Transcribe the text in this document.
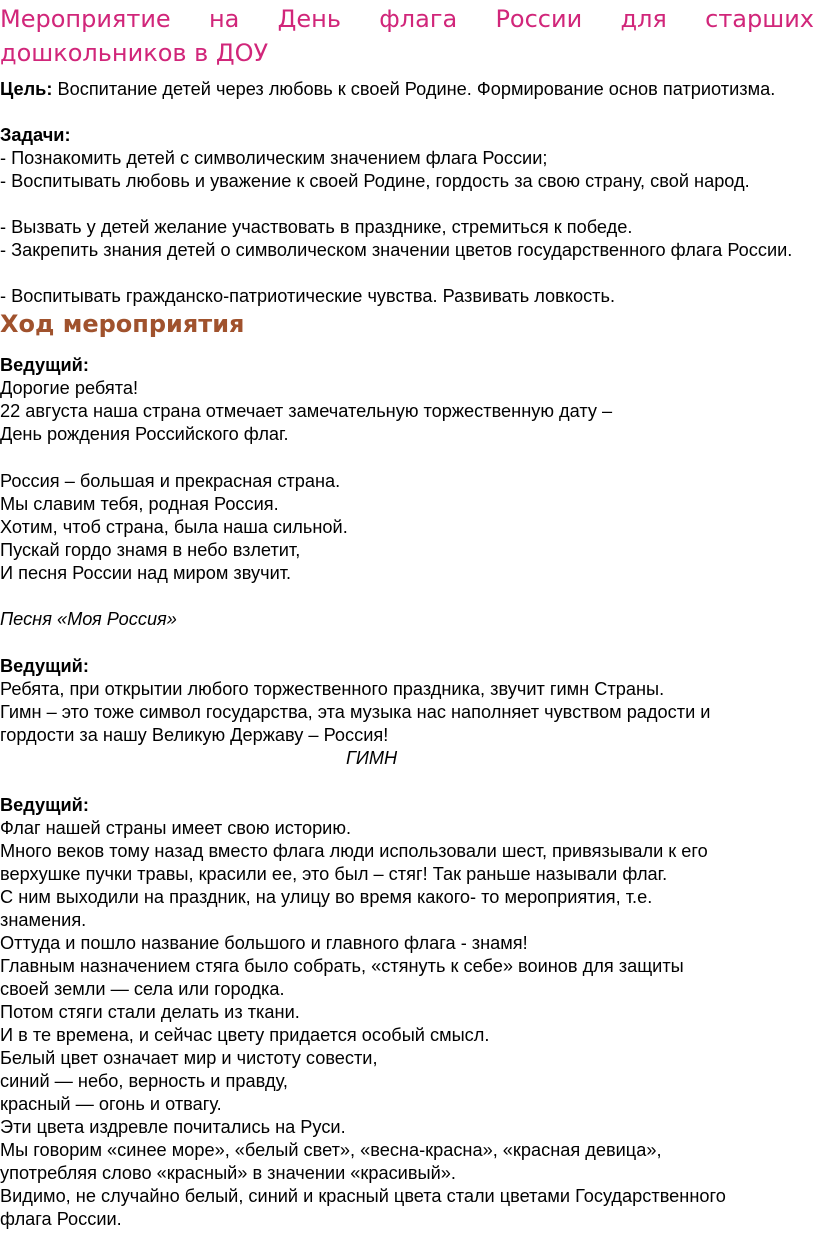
Мероприятие на День флага России для старших дошкольников в ДОУ

Цель: Воспитание детей через любовь к своей Родине. Формирование основ патриотизма.

Задачи:

- Познакомить детей с символическим значением флага России;

- Воспитывать любовь и уважение к своей Родине, гордость за свою страну, свой народ.

- Вызвать у детей желание участвовать в празднике, стремиться к победе.

- Закрепить знания детей о символическом значении цветов государственного флага России.

- Воспитывать гражданско-патриотические чувства. Развивать ловкость.

Ход мероприятия

Ведущий:

Дорогие ребята!

22 августа наша страна отмечает замечательную торжественную дату –

День рождения Российского флаг.

Россия – большая и прекрасная страна.

Мы славим тебя, родная Россия.

Хотим, чтоб страна, была наша сильной.

Пускай гордо знамя в небо взлетит,

И песня России над миром звучит.

Песня «Моя Россия»

Ведущий:

Ребята, при открытии любого торжественного праздника, звучит гимн Страны.

Гимн – это тоже символ государства, эта музыка нас наполняет чувством радости и

гордости за нашу Великую Державу – Россия!

ГИМН

Ведущий:

Флаг нашей страны имеет свою историю.

Много веков тому назад вместо флага люди использовали шест, привязывали к его

верхушке пучки травы, красили ее, это был – стяг! Так раньше называли флаг.

С ним выходили на праздник, на улицу во время какого- то мероприятия, т.е.

знамения.

Оттуда и пошло название большого и главного флага - знамя!

Главным назначением стяга было собрать, «стянуть к себе» воинов для защиты

своей земли — села или городка.

Потом стяги стали делать из ткани.

И в те времена, и сейчас цвету придается особый смысл.

Белый цвет означает мир и чистоту совести,

синий — небо, верность и правду,

красный — огонь и отвагу.

Эти цвета издревле почитались на Руси.

Мы говорим «синее море», «белый свет», «весна-красна», «красная девица»,

употребляя слово «красный» в значении «красивый».

Видимо, не случайно белый, синий и красный цвета стали цветами Государственного

флага России.
